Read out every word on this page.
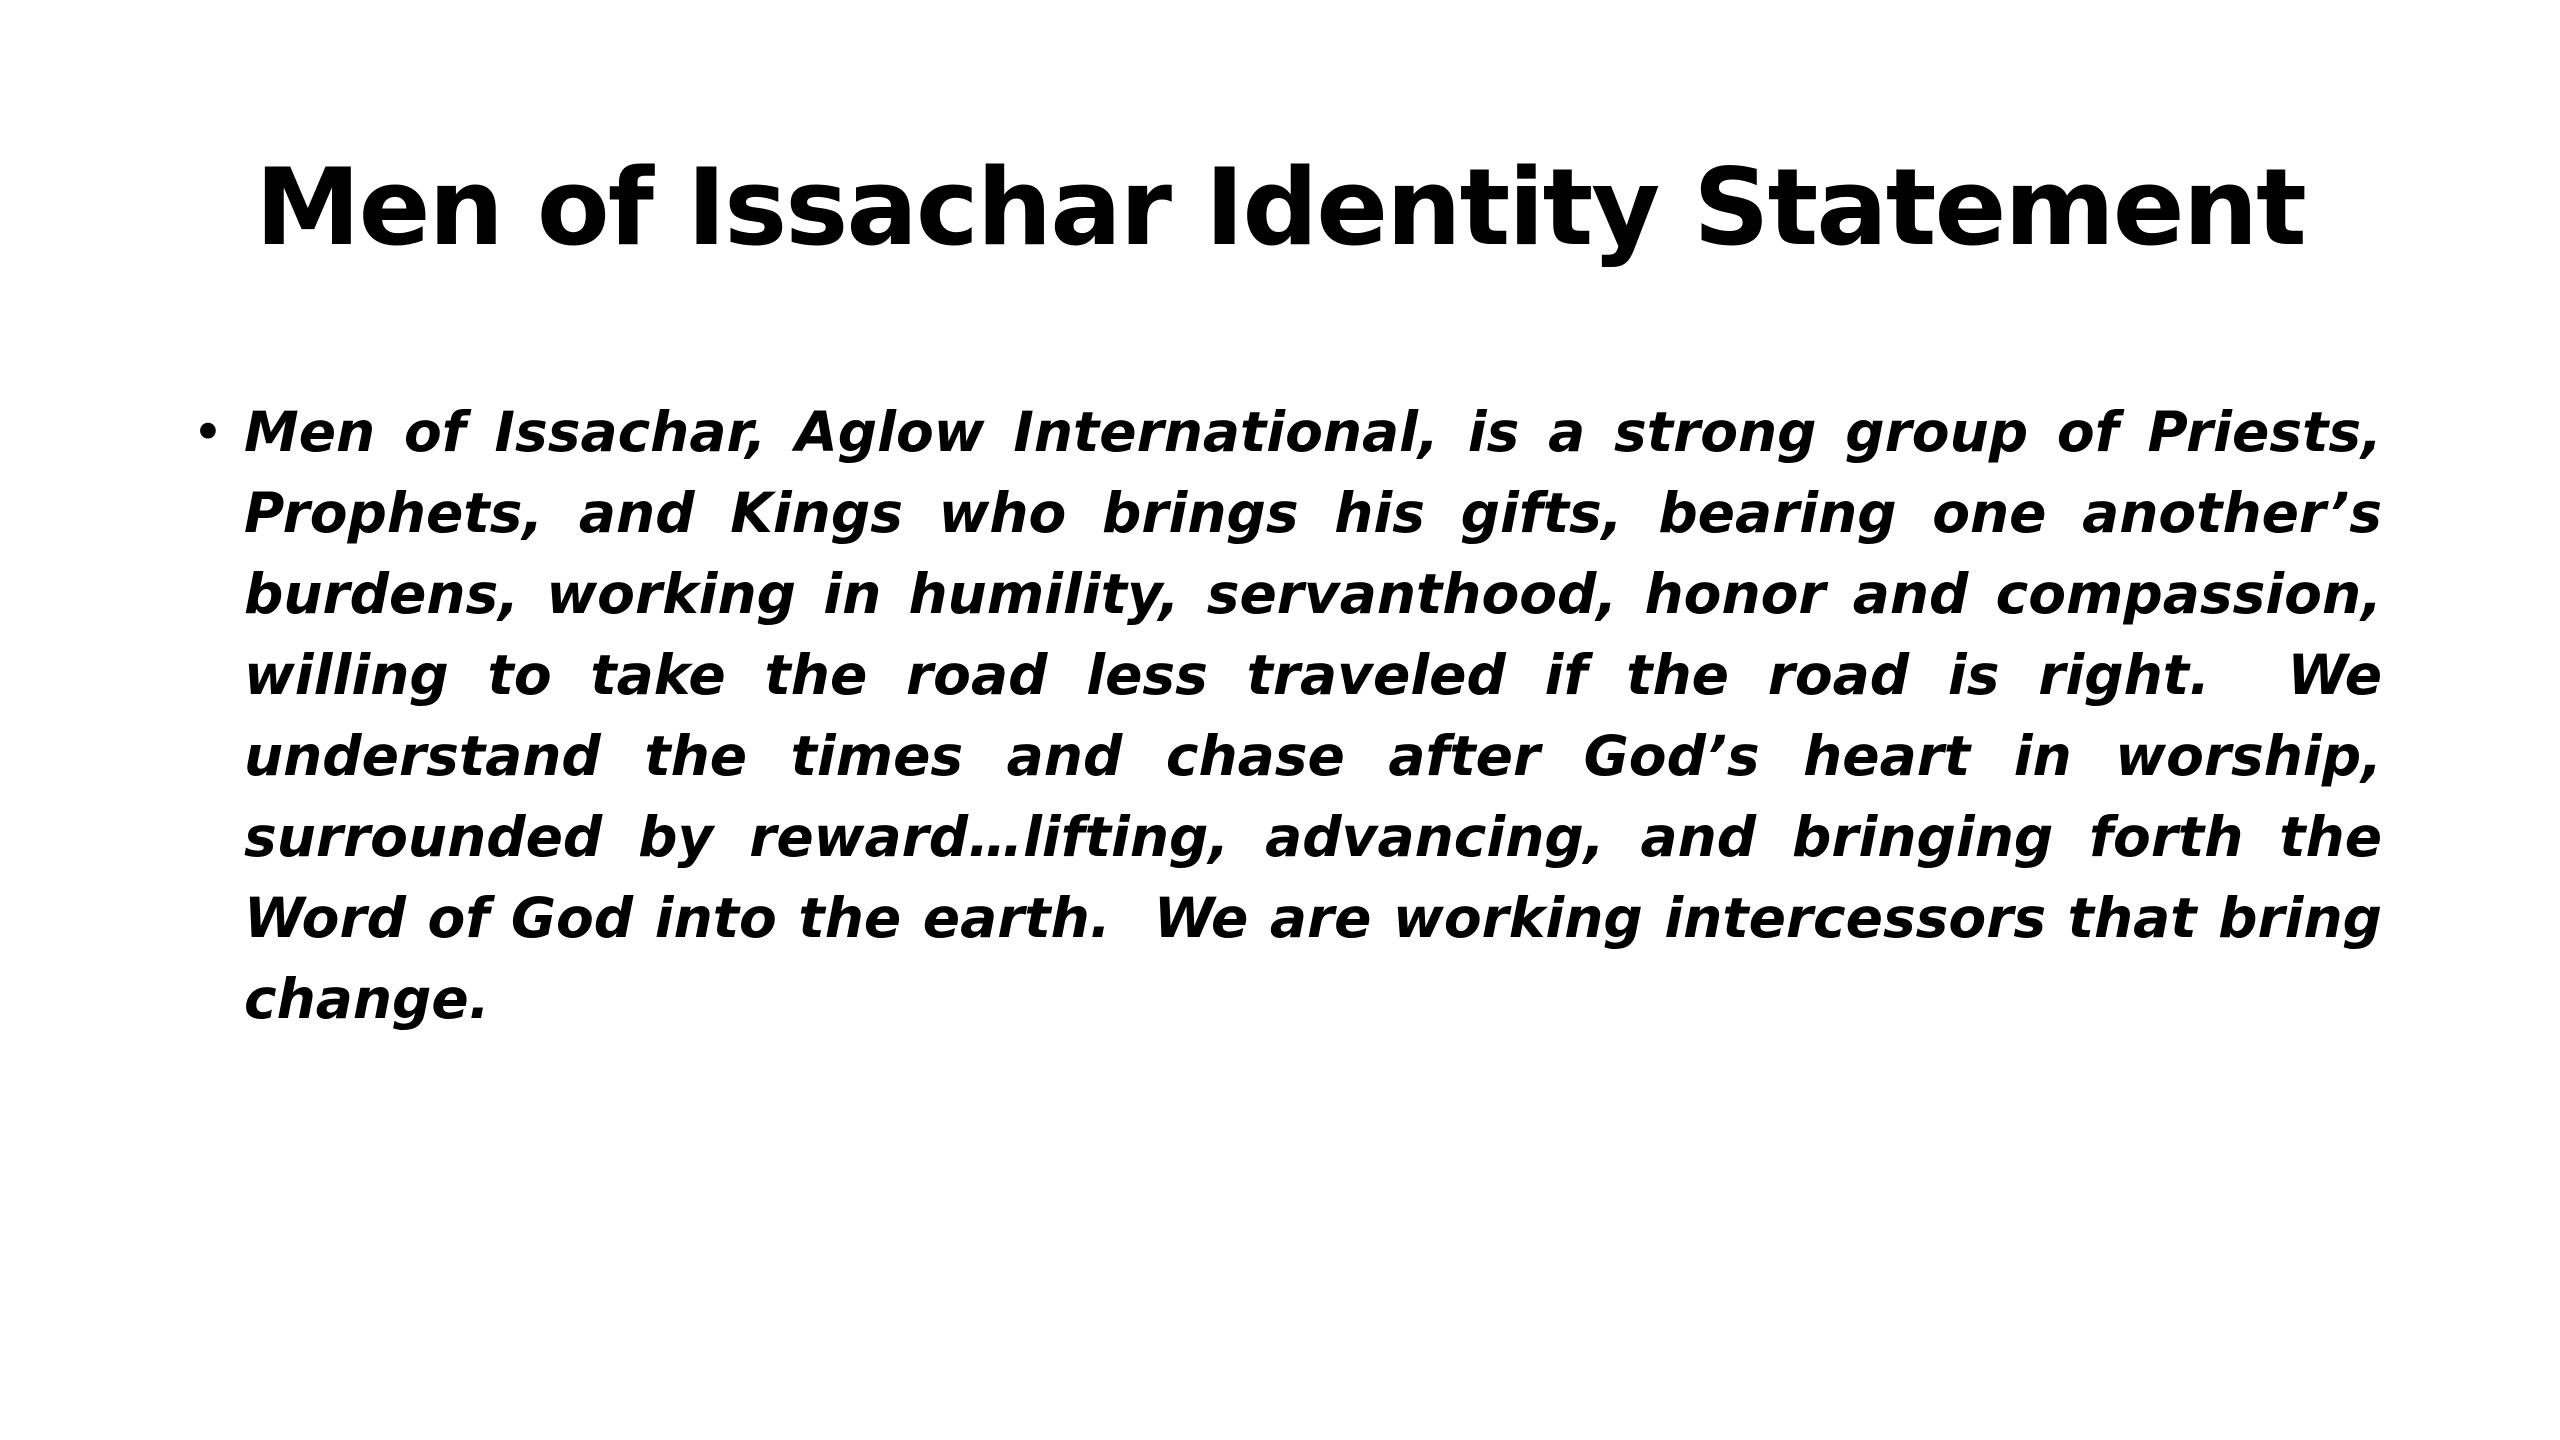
Men of Issachar Identity Statement
• Men of Issachar, Aglow International, is a strong group of Priests, Prophets, and Kings who brings his gifts, bearing one another’s burdens, working in humility, servanthood, honor and compassion, willing to take the road less traveled if the road is right.  We understand the times and chase after God’s heart in worship, surrounded by reward…lifting, advancing, and bringing forth the Word of God into the earth.  We are working intercessors that bring change.
